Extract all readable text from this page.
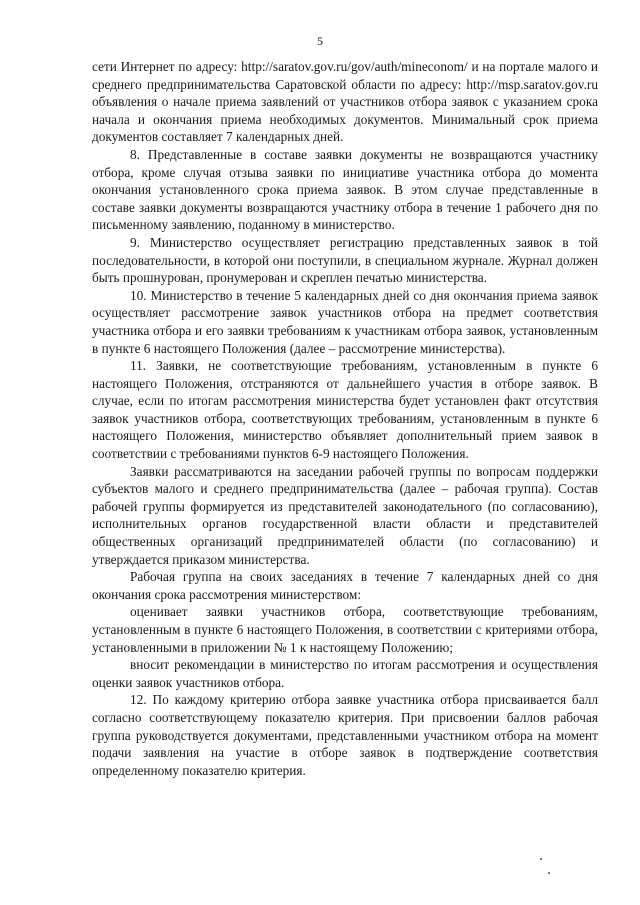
5

сети Интернет по адресу: http://saratov.gov.ru/gov/auth/mineconom/ и на портале малого и среднего предпринимательства Саратовской области по адресу: http://msp.saratov.gov.ru объявления о начале приема заявлений от участников отбора заявок с указанием срока начала и окончания приема необходимых документов. Минимальный срок приема документов составляет 7 календарных дней.

8. Представленные в составе заявки документы не возвращаются участнику отбора, кроме случая отзыва заявки по инициативе участника отбора до момента окончания установленного срока приема заявок. В этом случае представленные в составе заявки документы возвращаются участнику отбора в течение 1 рабочего дня по письменному заявлению, поданному в министерство.

9. Министерство осуществляет регистрацию представленных заявок в той последовательности, в которой они поступили, в специальном журнале. Журнал должен быть прошнурован, пронумерован и скреплен печатью министерства.

10. Министерство в течение 5 календарных дней со дня окончания приема заявок осуществляет рассмотрение заявок участников отбора на предмет соответствия участника отбора и его заявки требованиям к участникам отбора заявок, установленным в пункте 6 настоящего Положения (далее – рассмотрение министерства).

11. Заявки, не соответствующие требованиям, установленным в пункте 6 настоящего Положения, отстраняются от дальнейшего участия в отборе заявок. В случае, если по итогам рассмотрения министерства будет установлен факт отсутствия заявок участников отбора, соответствующих требованиям, установленным в пункте 6 настоящего Положения, министерство объявляет дополнительный прием заявок в соответствии с требованиями пунктов 6-9 настоящего Положения.

Заявки рассматриваются на заседании рабочей группы по вопросам поддержки субъектов малого и среднего предпринимательства (далее – рабочая группа). Состав рабочей группы формируется из представителей законодательного (по согласованию), исполнительных органов государственной власти области и представителей общественных организаций предпринимателей области (по согласованию) и утверждается приказом министерства.

Рабочая группа на своих заседаниях в течение 7 календарных дней со дня окончания срока рассмотрения министерством:

оценивает заявки участников отбора, соответствующие требованиям, установленным в пункте 6 настоящего Положения, в соответствии с критериями отбора, установленными в приложении № 1 к настоящему Положению;

вносит рекомендации в министерство по итогам рассмотрения и осуществления оценки заявок участников отбора.

12. По каждому критерию отбора заявке участника отбора присваивается балл согласно соответствующему показателю критерия. При присвоении баллов рабочая группа руководствуется документами, представленными участником отбора на момент подачи заявления на участие в отборе заявок в подтверждение соответствия определенному показателю критерия.
